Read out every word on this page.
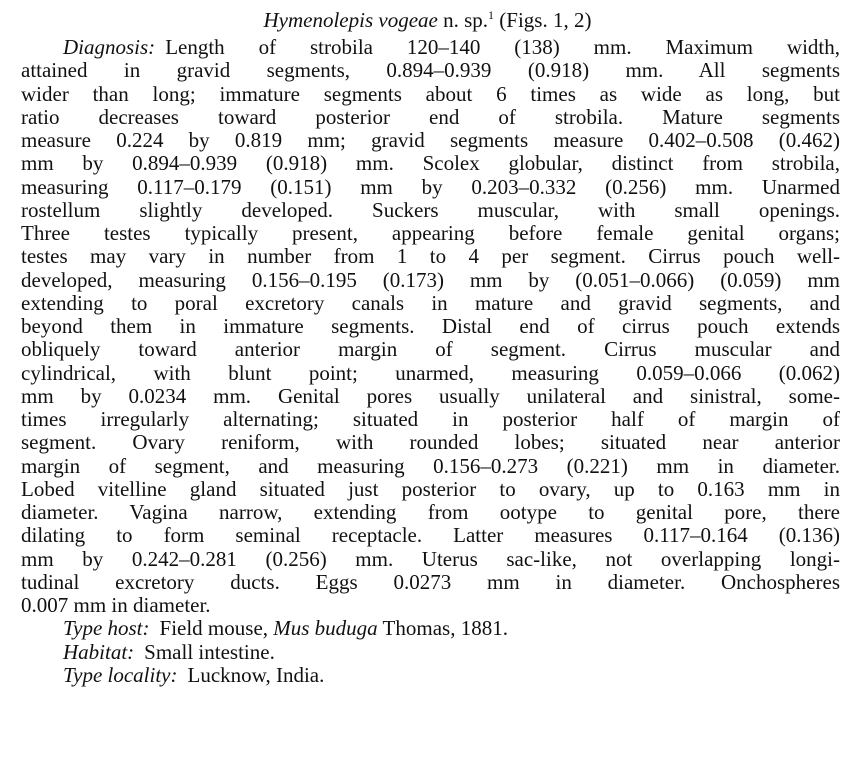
Hymenolepis vogeae n. sp.$^1$ (Figs. 1, 2)
Diagnosis: Length of strobila 120–140 (138) mm. Maximum width,
attained in gravid segments, 0.894–0.939 (0.918) mm. All segments
wider than long; immature segments about 6 times as wide as long, but
ratio decreases toward posterior end of strobila. Mature segments
measure 0.224 by 0.819 mm; gravid segments measure 0.402–0.508 (0.462)
mm by 0.894–0.939 (0.918) mm. Scolex globular, distinct from strobila,
measuring 0.117–0.179 (0.151) mm by 0.203–0.332 (0.256) mm. Unarmed
rostellum slightly developed. Suckers muscular, with small openings.
Three testes typically present, appearing before female genital organs;
testes may vary in number from 1 to 4 per segment. Cirrus pouch well-
developed, measuring 0.156–0.195 (0.173) mm by (0.051–0.066) (0.059) mm
extending to poral excretory canals in mature and gravid segments, and
beyond them in immature segments. Distal end of cirrus pouch extends
obliquely toward anterior margin of segment. Cirrus muscular and
cylindrical, with blunt point; unarmed, measuring 0.059–0.066 (0.062)
mm by 0.0234 mm. Genital pores usually unilateral and sinistral, some-
times irregularly alternating; situated in posterior half of margin of
segment. Ovary reniform, with rounded lobes; situated near anterior
margin of segment, and measuring 0.156–0.273 (0.221) mm in diameter.
Lobed vitelline gland situated just posterior to ovary, up to 0.163 mm in
diameter. Vagina narrow, extending from ootype to genital pore, there
dilating to form seminal receptacle. Latter measures 0.117–0.164 (0.136)
mm by 0.242–0.281 (0.256) mm. Uterus sac-like, not overlapping longi-
tudinal excretory ducts. Eggs 0.0273 mm in diameter. Onchospheres
0.007 mm in diameter.
Type host: Field mouse, Mus buduga Thomas, 1881.
Habitat: Small intestine.
Type locality: Lucknow, India.
